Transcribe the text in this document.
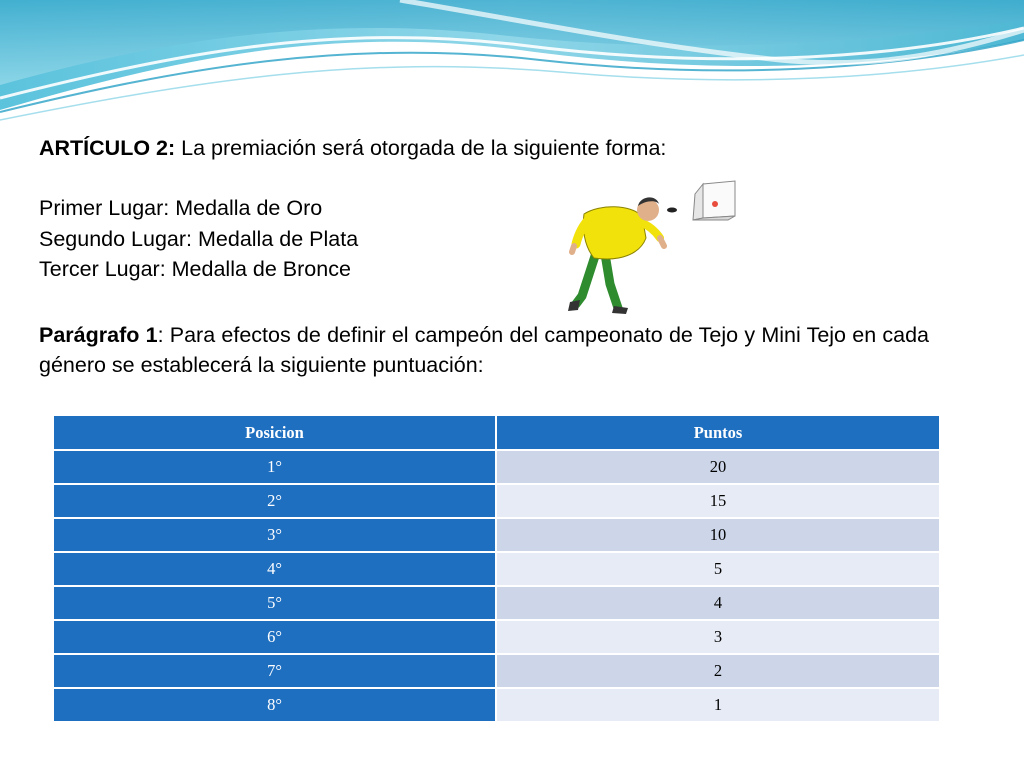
ARTÍCULO 2: La premiación será otorgada de la siguiente forma:

Primer Lugar: Medalla de Oro
Segundo Lugar: Medalla de Plata
Tercer Lugar: Medalla de Bronce

Parágrafo 1: Para efectos de definir el campeón del campeonato de Tejo y Mini Tejo en cada género se establecerá la siguiente puntuación:

Posicion	Puntos
1°	20
2°	15
3°	10
4°	5
5°	4
6°	3
7°	2
8°	1
